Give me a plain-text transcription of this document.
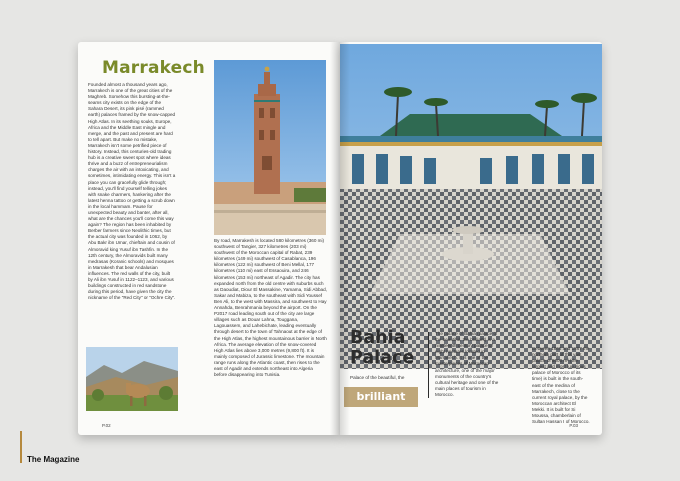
Marrakech

Founded almost a thousand years ago, Marrakech is one of the great cities of the Maghreb. Somehow this bursting-at-the-seams city exists on the edge of the Sahara Desert, its pink pisé (rammed earth) palaces framed by the snow-capped High Atlas. In its seething souks, Europe, Africa and the Middle East mingle and merge, and the past and present are hard to tell apart. But make no mistake, Marrakech isn't some petrified piece of history. Instead, this centuries-old trading hub is a creative sweet spot where ideas thrive and a buzz of entrepreneurialism charges the air with an intoxicating, and sometimes, intimidating energy. This isn't a place you can gracefully glide through; instead, you'll find yourself telling jokes with snake charmers, hankering after the latest henna tattoo or getting a scrub down in the local hammam. Pause for unexpected beauty and banter, after all, what are the chances you'll come this way again? The region has been inhabited by Berber farmers since Neolithic times, but the actual city was founded in 1062, by Abu Bakr ibn Umar, chieftain and cousin of Almoravid king Yusuf ibn Tashfin. In the 12th century, the Almoravids built many medrasas (Koranic schools) and mosques in Marrakesh that bear Andalusian influences. The red walls of the city, built by Ali ibn Yusuf in 1122–1123, and various buildings constructed in red sandstone during this period, have given the city the nickname of the "Red City" or "Ochre City".

By road, Marrakesh is located 580 kilometres (360 mi) southwest of Tangier, 327 kilometres (203 mi) southwest of the Moroccan capital of Rabat, 239 kilometres (149 mi) southwest of Casablanca, 196 kilometres (122 mi) southwest of Beni Mellal, 177 kilometres (110 mi) east of Essaouira, and 246 kilometres (153 mi) northeast of Agadir. The city has expanded north from the old centre with suburbs such as Daoudiat, Diour El Massakine, Yamama, Sidi Abbad, Sakar and Mabiza, to the southeast with Sidi Youssef Ben Ali, to the west with Massira, and southwest to Hay Annahda, Benrahmania beyond the airport. On the P2017 road leading south out of the city are large villages such as Douar Lahna, Touggana, Lagouassem, and Lahebichate, leading eventually through desert to the town of Tahnaout at the edge of the High Atlas, the highest mountainous barrier in North Africa. The average elevation of the snow-covered High Atlas lies above 3,000 metres (9,800 ft). It is mainly composed of Jurassic limestone. The mountain range runs along the Atlantic coast, then rises to the east of Agadir and extends northeast into Algeria before disappearing into Tunisia.

P.02

Bahia
Palace

Palace of the beautiful, the

brilliant

The palace of Bahia (palace of the beautiful, the brilliant) is a nineteenth century palace of eight hectares located in Marrakech. It is one of the masterpieces of Moroccan architecture, one of the major monuments of the country's cultural heritage and one of the main places of tourism in Morocco.

Between 1866 and 1867 the northern part of this vast palace of 8000 m² (the largest and most luxurious palace of Morocco of its time) is built in the south-east of the medina of Marrakech, close to the current royal palace, by the Moroccan architect El Mekki. It is built for Si Moussa, chamberlain of Sultan Hassan I of Morocco.

P.03

The Magazine
